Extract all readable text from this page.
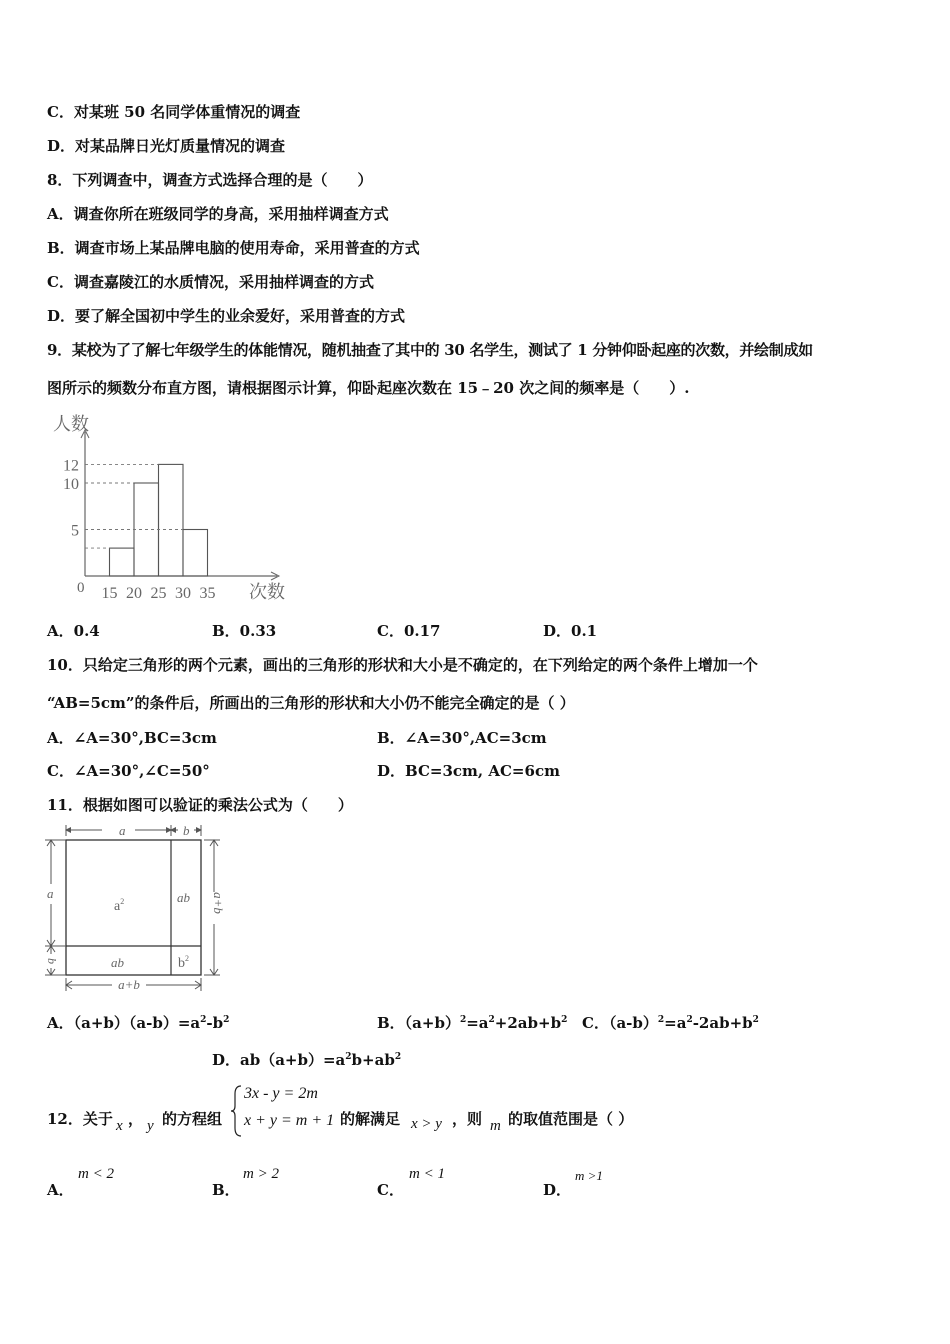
C．对某班 50 名同学体重情况的调查
D．对某品牌日光灯质量情况的调查
8．下列调查中，调查方式选择合理的是（　　）
A．调查你所在班级同学的身高，采用抽样调查方式
B．调查市场上某品牌电脑的使用寿命，采用普查的方式
C．调查嘉陵江的水质情况，采用抽样调查的方式
D．要了解全国初中学生的业余爱好，采用普查的方式
9．某校为了了解七年级学生的体能情况，随机抽查了其中的 30 名学生，测试了 1 分钟仰卧起座的次数，并绘制成如
图所示的频数分布直方图，请根据图示计算，仰卧起座次数在 15﹣20 次之间的频率是（　　）.
人数
次数
0
5
10
12
15 20 25 30 35
A．0.4	B．0.33	C．0.17	D．0.1
10．只给定三角形的两个元素，画出的三角形的形状和大小是不确定的，在下列给定的两个条件上增加一个
“AB=5cm”的条件后，所画出的三角形的形状和大小仍不能完全确定的是（ ）
A．∠A=30°,BC=3cm	B．∠A=30°,AC=3cm
C．∠A=30°,∠C=50°	D．BC=3cm, AC=6cm
11．根据如图可以验证的乘法公式为（　　）
a	b
a
b
a+b
a+b
$a^2$	ab
ab	$b^2$
A．$(a+b)(a-b)=a^2-b^2$	B．$(a+b)^2=a^2+2ab+b^2$ C．$(a-b)^2=a^2-2ab+b^2$
D．$ab(a+b)=a^2b+ab^2$
12．关于 x ， y 的方程组
3x - y = 2m
x + y = m + 1 的解满足 x > y ，则 m 的取值范围是（ ）
A．
m < 2
B．
m > 2
C．
m < 1
D．
m >1
